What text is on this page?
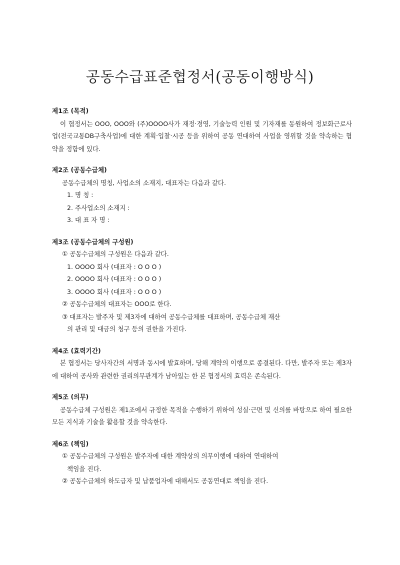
공동수급표준협정서(공동이행방식)
제1조 (목적)
이 협정서는 OOO, OOO와 (주)OOOO사가 재정·경영, 기술능력 인원 및 기자재를 동원하여 정보화근로사업(전국교통DB구축사업)에 대한 계획·입찰·시공 등을 위하여 공동 연대하여 사업을 영위할 것을 약속하는 협약을 정함에 있다.
제2조 (공동수급체)
공동수급체의 명칭, 사업소의 소재지, 대표자는 다음과 같다.
1. 명 칭 :
2. 주사업소의 소재지 :
3. 대 표 자 명 :
제3조 (공동수급체의 구성원)
① 공동수급체의 구성원은 다음과 같다.
1. OOOO 회사 (대표자 : O O O )
2. OOOO 회사 (대표자 : O O O )
3. OOOO 회사 (대표자 : O O O )
② 공동수급체의 대표자는 OOO로 한다.
③ 대표자는 발주자 및 제3자에 대하여 공동수급체를 대표하며, 공동수급체 재산
의 관리 및 대금의 청구 등의 권한을 가진다.
제4조 (효력기간)
본 협정서는 당사자간의 서명과 동시에 발효하며, 당해 계약의 이행으로 종결된다. 다만, 발주자 또는 제3자에 대하여 공사와 관련한 권리의무관계가 남아있는 한 본 협정서의 효력은 존속된다.
제5조 (의무)
공동수급체 구성원은 제1조에서 규정한 목적을 수행하기 위하여 성실·근면 및 신의를 바탕으로 하여 필요한 모든 지식과 기술을 활용할 것을 약속한다.
제6조 (책임)
① 공동수급체의 구성원은 발주자에 대한 계약상의 의무이행에 대하여 연대하여
책임을 진다.
② 공동수급체의 하도급자 및 납품업자에 대해서도 공동연대로 책임을 진다.
